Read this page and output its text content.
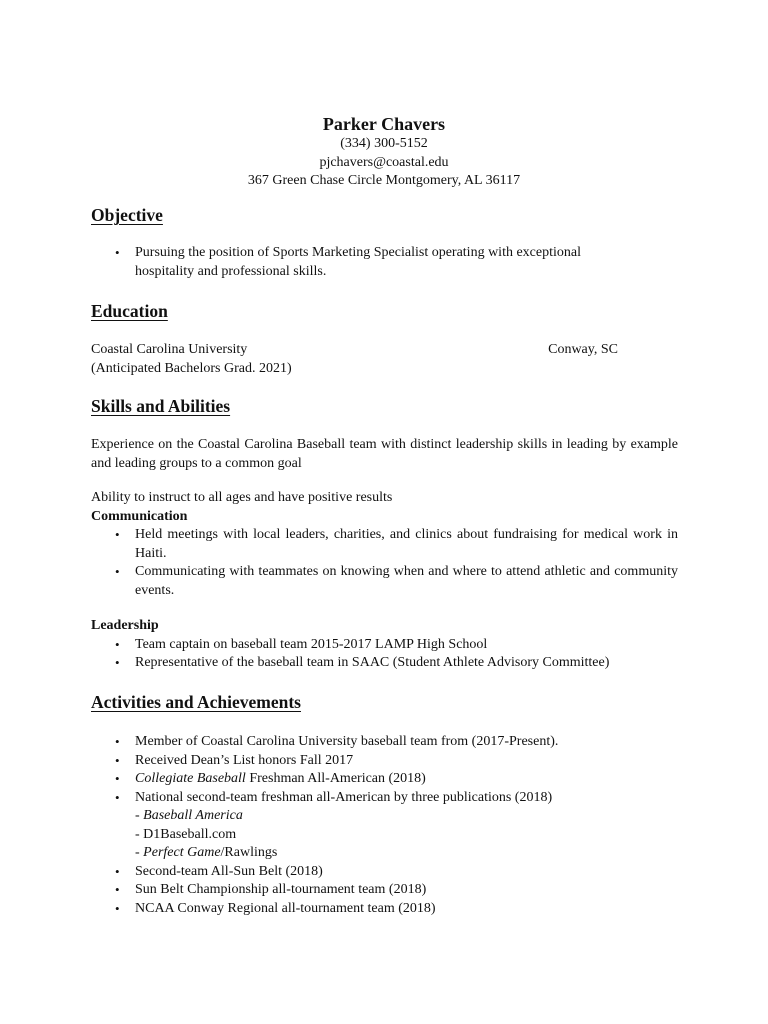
Parker Chavers

(334) 300-5152

pjchavers@coastal.edu

367 Green Chase Circle Montgomery, AL 36117

Objective

• Pursuing the position of Sports Marketing Specialist operating with exceptional hospitality and professional skills.

Education

Coastal Carolina University	Conway, SC

(Anticipated Bachelors Grad. 2021)

Skills and Abilities

Experience on the Coastal Carolina Baseball team with distinct leadership skills in leading by example and leading groups to a common goal

Ability to instruct to all ages and have positive results

Communication

• Held meetings with local leaders, charities, and clinics about fundraising for medical work in Haiti.
• Communicating with teammates on knowing when and where to attend athletic and community events.

Leadership

• Team captain on baseball team 2015-2017 LAMP High School
• Representative of the baseball team in SAAC (Student Athlete Advisory Committee)

Activities and Achievements

• Member of Coastal Carolina University baseball team from (2017-Present).
• Received Dean’s List honors Fall 2017
• Collegiate Baseball Freshman All-American (2018)
• National second-team freshman all-American by three publications (2018)
- Baseball America
- D1Baseball.com
- Perfect Game/Rawlings
• Second-team All-Sun Belt (2018)
• Sun Belt Championship all-tournament team (2018)
• NCAA Conway Regional all-tournament team (2018)
